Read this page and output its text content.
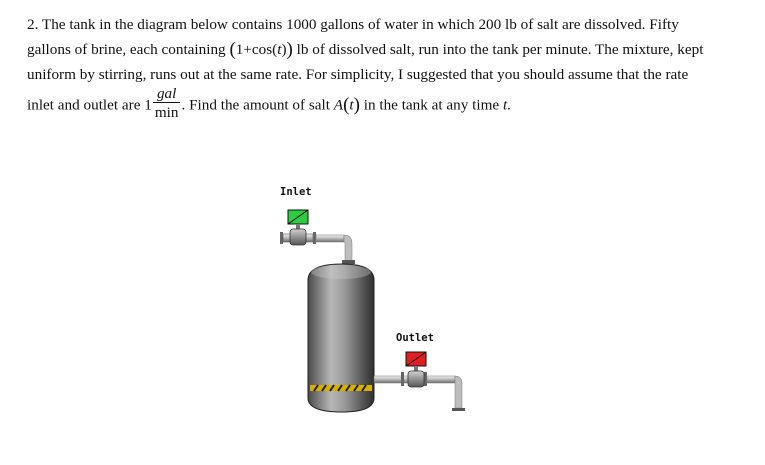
2. The tank in the diagram below contains 1000 gallons of water in which 200 lb of salt are dissolved. Fifty
gallons of brine, each containing (1+cos(t)) lb of dissolved salt, run into the tank per minute. The mixture, kept
uniform by stirring, runs out at the same rate. For simplicity, I suggested that you should assume that the rate
inlet and outlet are $1 \frac{\text{gal}}{\min}$ . Find the amount of salt A(t) in the tank at any time t.
Inlet
Outlet
